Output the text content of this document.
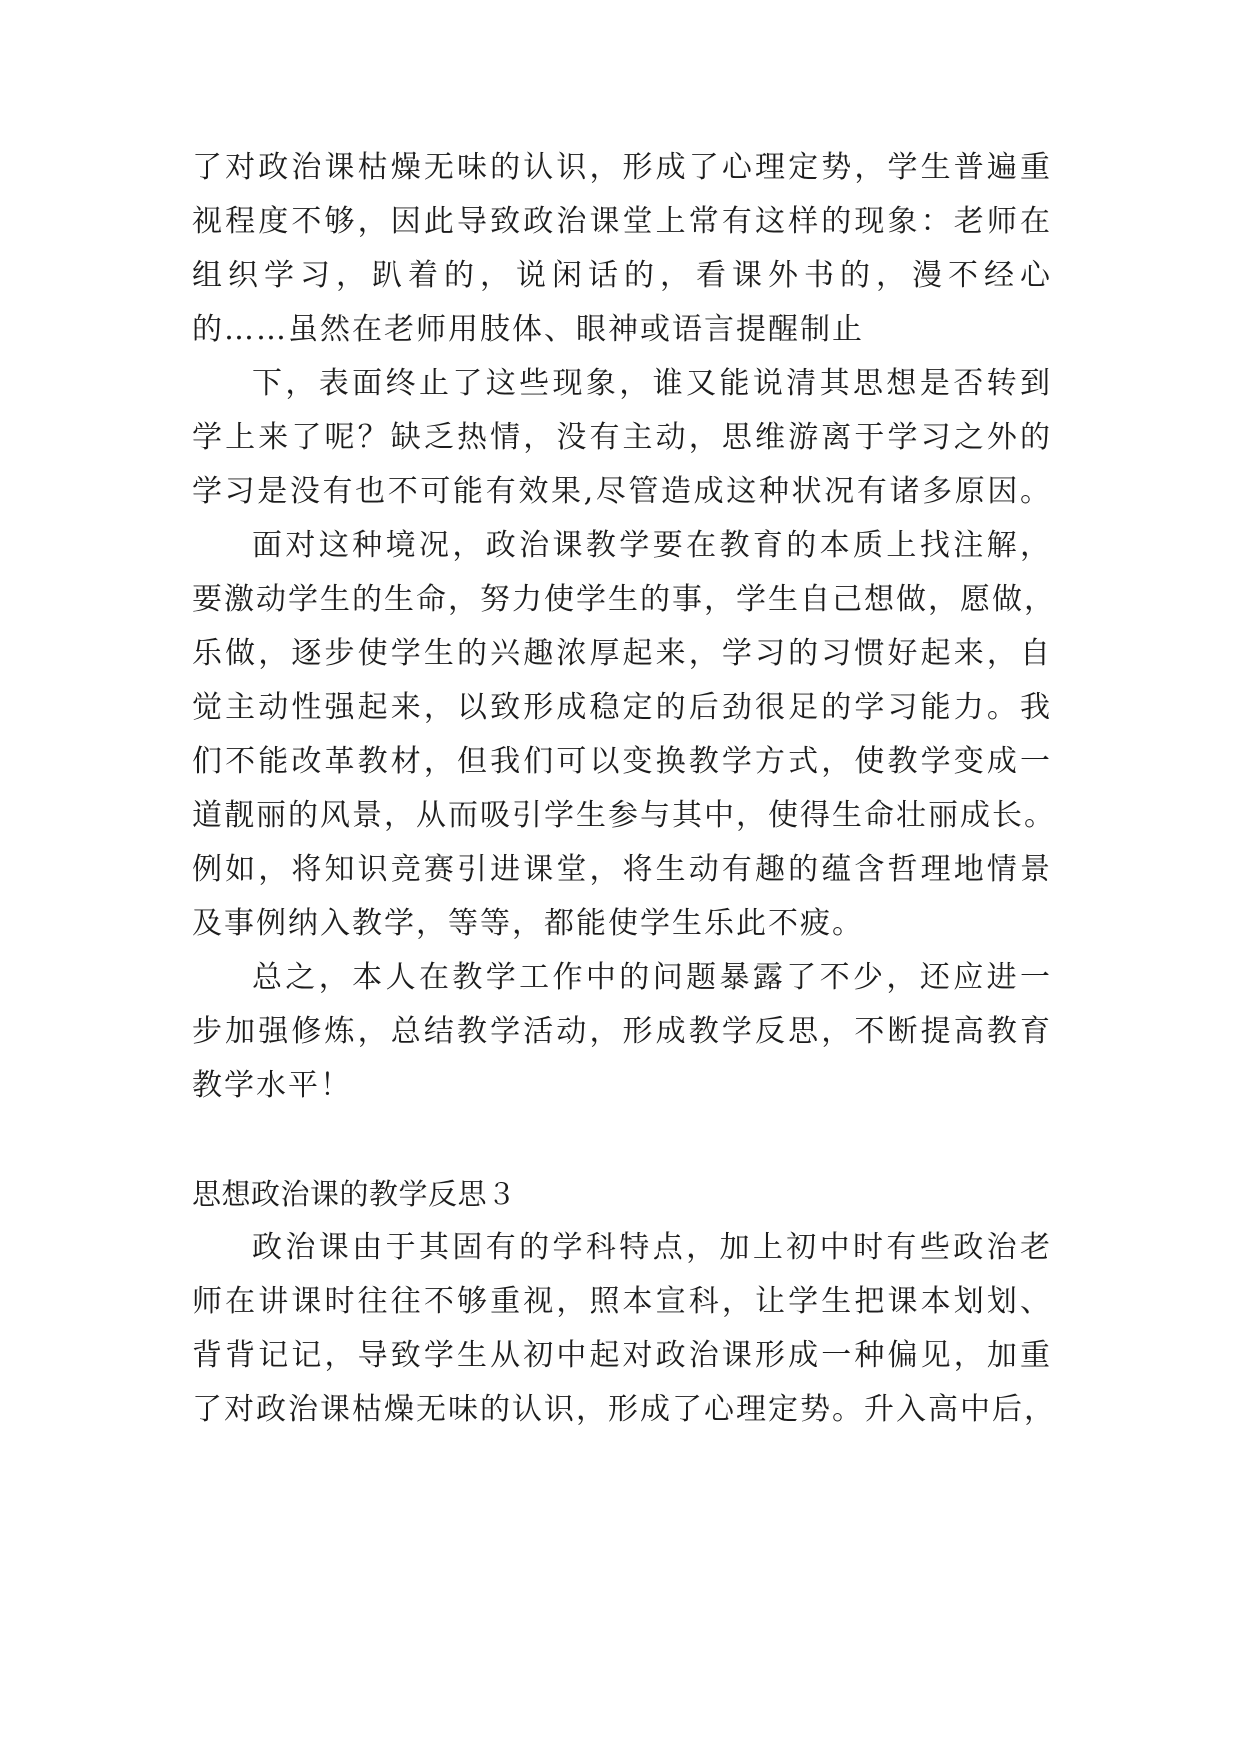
了对政治课枯燥无味的认识，形成了心理定势，学生普遍重
视程度不够，因此导致政治课堂上常有这样的现象：老师在
组织学习，趴着的，说闲话的，看课外书的，漫不经心
的……虽然在老师用肢体、眼神或语言提醒制止
下，表面终止了这些现象，谁又能说清其思想是否转到
学上来了呢？缺乏热情，没有主动，思维游离于学习之外的
学习是没有也不可能有效果,尽管造成这种状况有诸多原因。
面对这种境况，政治课教学要在教育的本质上找注解，
要激动学生的生命，努力使学生的事，学生自己想做，愿做，
乐做，逐步使学生的兴趣浓厚起来，学习的习惯好起来，自
觉主动性强起来，以致形成稳定的后劲很足的学习能力。我
们不能改革教材，但我们可以变换教学方式，使教学变成一
道靓丽的风景，从而吸引学生参与其中，使得生命壮丽成长。
例如，将知识竞赛引进课堂，将生动有趣的蕴含哲理地情景
及事例纳入教学，等等，都能使学生乐此不疲。
总之，本人在教学工作中的问题暴露了不少，还应进一
步加强修炼，总结教学活动，形成教学反思，不断提高教育
教学水平！
思想政治课的教学反思３
政治课由于其固有的学科特点，加上初中时有些政治老
师在讲课时往往不够重视，照本宣科，让学生把课本划划、
背背记记，导致学生从初中起对政治课形成一种偏见，加重
了对政治课枯燥无味的认识，形成了心理定势。升入高中后，
